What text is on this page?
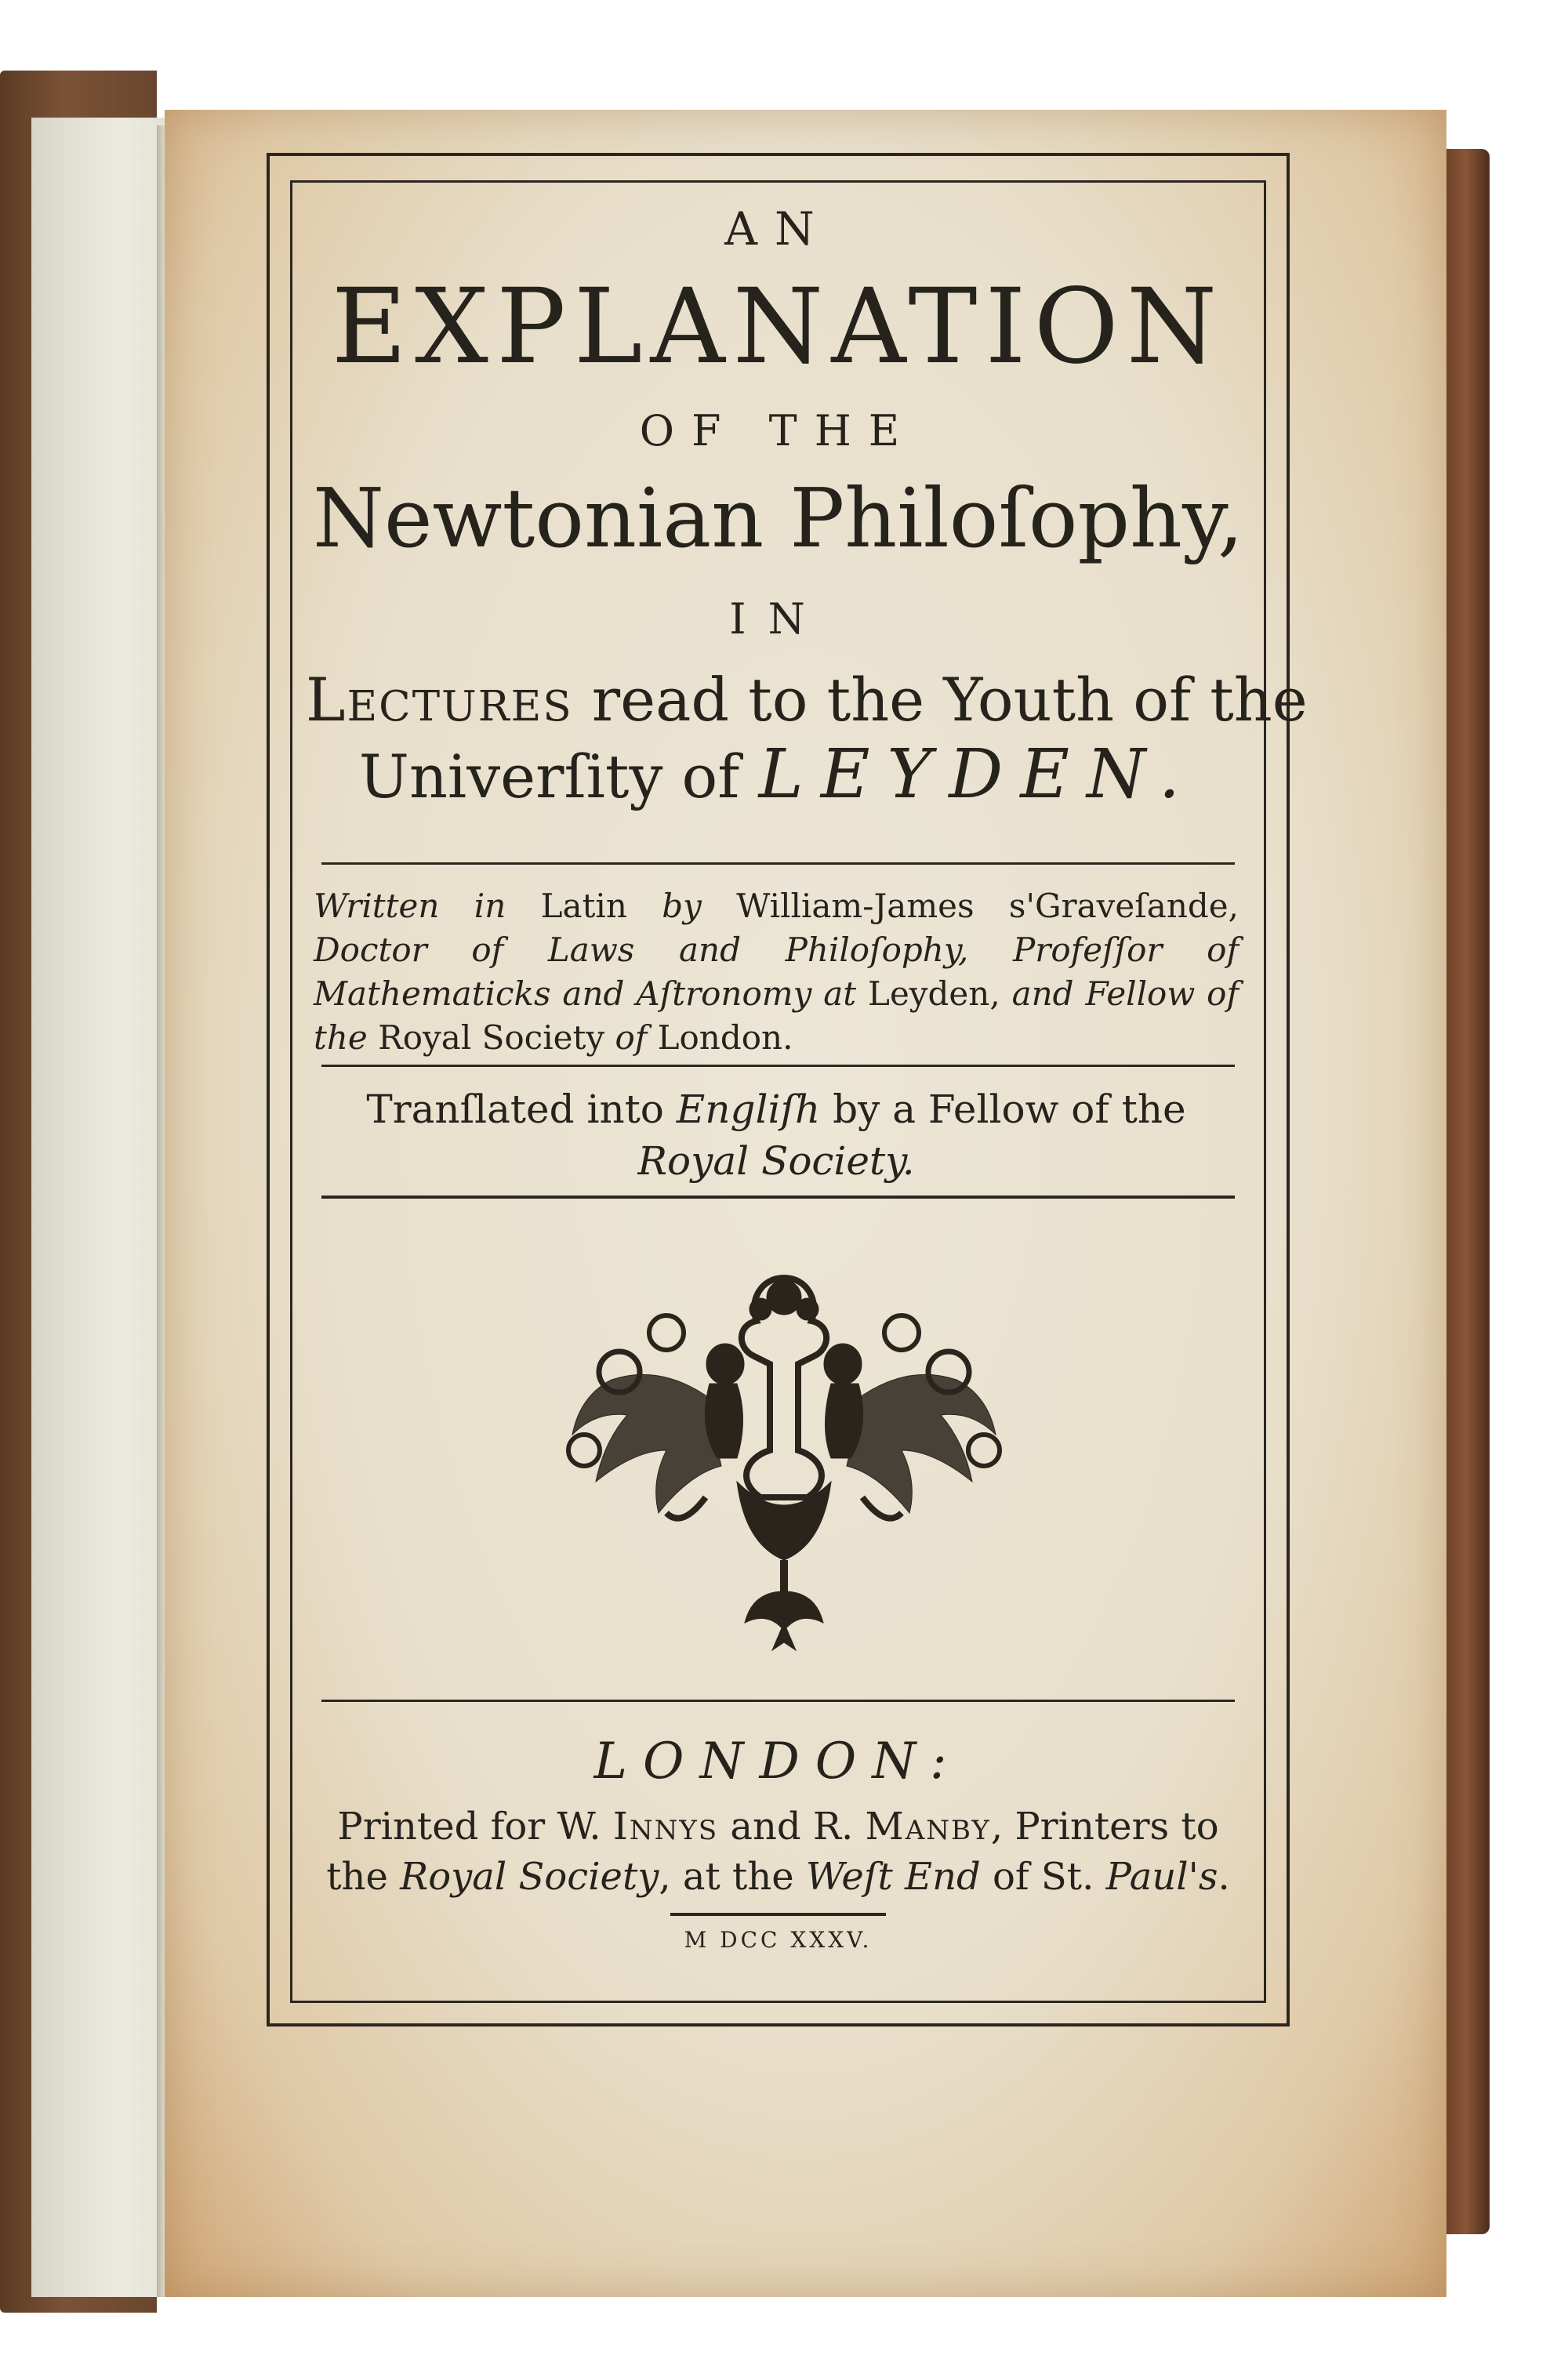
AN
EXPLANATION
OF THE
Newtonian Philoſophy,
IN
Lectures read to the Youth of the
Univerſity of LEYDEN.
Written in Latin by William-James s'Graveſande, Doctor of Laws and Philoſophy, Profeſſor of Mathematicks and Aſtronomy at Leyden, and Fellow of the Royal Society of London.
Tranſlated into Engliſh by a Fellow of the
Royal Society.
LONDON:
Printed for W. Innys and R. Manby, Printers to
the Royal Society, at the Weſt End of St. Paul's.
M DCC XXXV.
